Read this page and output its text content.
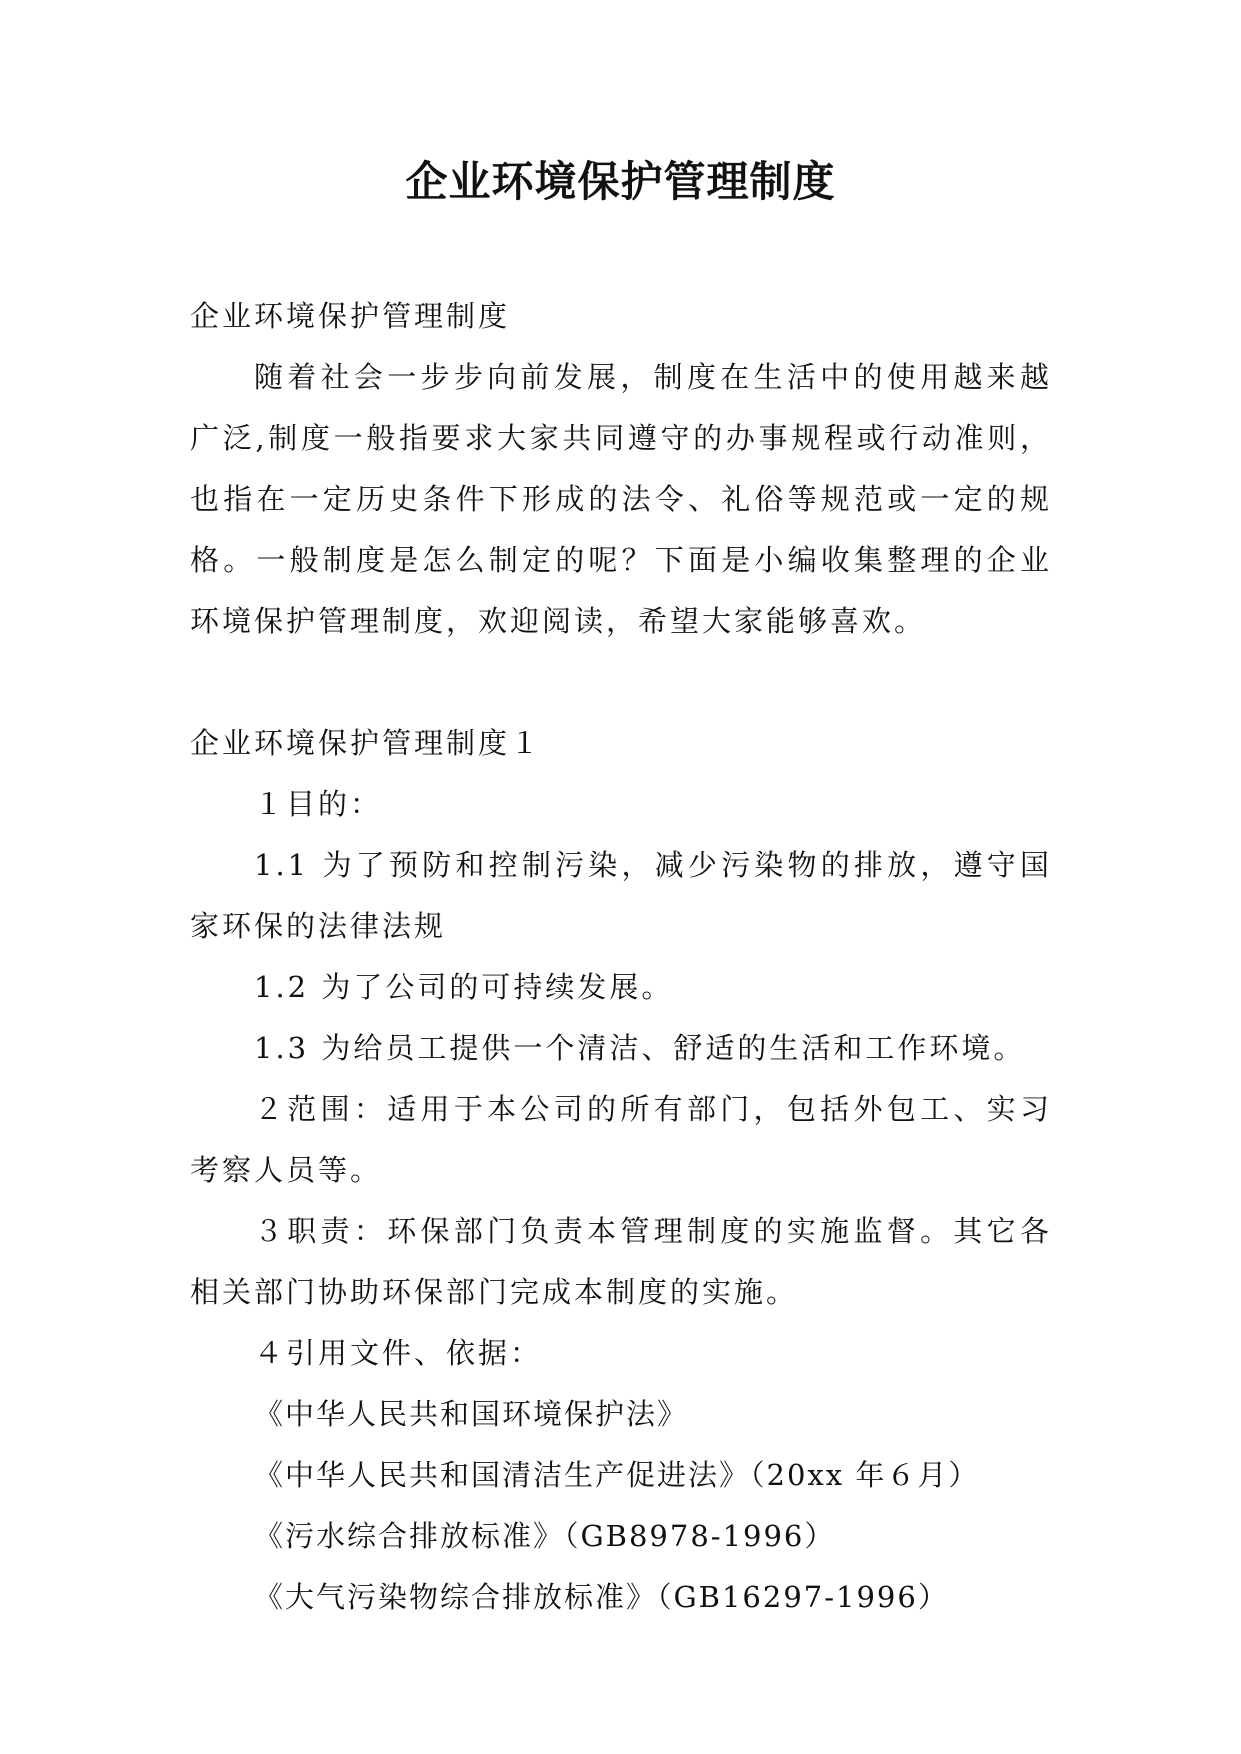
企业环境保护管理制度

企业环境保护管理制度

随着社会一步步向前发展，制度在生活中的使用越来越广泛,制度一般指要求大家共同遵守的办事规程或行动准则，也指在一定历史条件下形成的法令、礼俗等规范或一定的规格。一般制度是怎么制定的呢？下面是小编收集整理的企业环境保护管理制度，欢迎阅读，希望大家能够喜欢。

企业环境保护管理制度１

１目的：

1.1 为了预防和控制污染，减少污染物的排放，遵守国家环保的法律法规

1.2 为了公司的可持续发展。

1.3 为给员工提供一个清洁、舒适的生活和工作环境。

２范围：适用于本公司的所有部门，包括外包工、实习考察人员等。

３职责：环保部门负责本管理制度的实施监督。其它各相关部门协助环保部门完成本制度的实施。

４引用文件、依据：

《中华人民共和国环境保护法》

《中华人民共和国清洁生产促进法》（20xx 年６月）

《污水综合排放标准》（GB8978-1996）

《大气污染物综合排放标准》（GB16297-1996）
